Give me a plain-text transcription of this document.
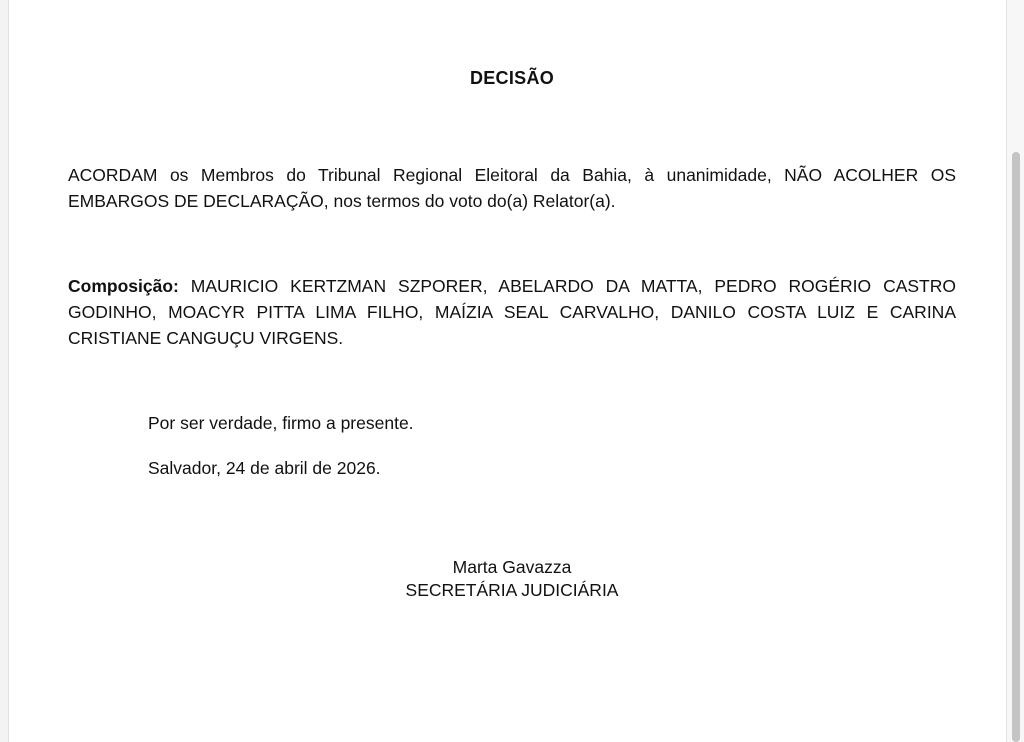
DECISÃO
ACORDAM os Membros do Tribunal Regional Eleitoral da Bahia, à unanimidade, NÃO ACOLHER OS EMBARGOS DE DECLARAÇÃO, nos termos do voto do(a) Relator(a).
Composição: MAURICIO KERTZMAN SZPORER, ABELARDO DA MATTA, PEDRO ROGÉRIO CASTRO GODINHO, MOACYR PITTA LIMA FILHO, MAÍZIA SEAL CARVALHO, DANILO COSTA LUIZ E CARINA CRISTIANE CANGUÇU VIRGENS.
Por ser verdade, firmo a presente.
Salvador, 24 de abril de 2026.
Marta Gavazza
SECRETÁRIA JUDICIÁRIA
